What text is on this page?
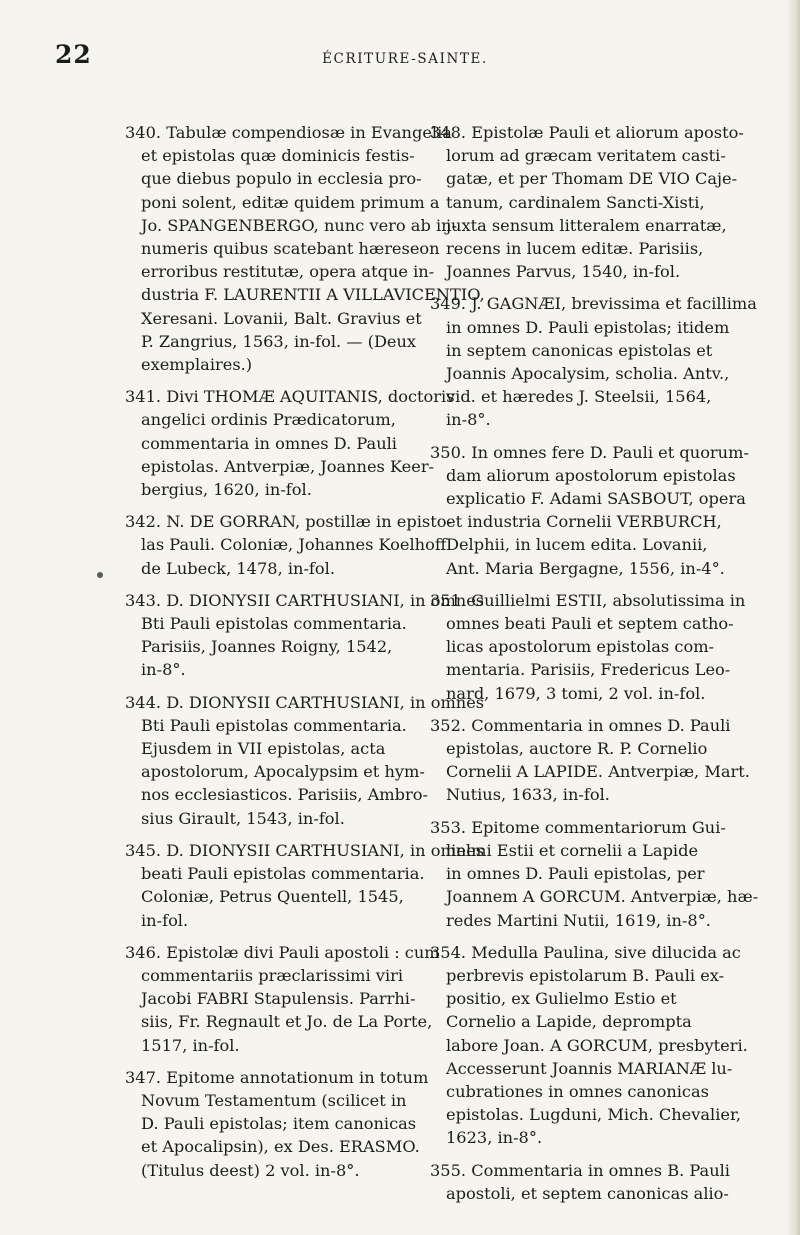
22	ÉCRITURE-SAINTE.
340. Tabulæ compendiosæ in Evangelia
et epistolas quæ dominicis festis-
que diebus populo in ecclesia pro-
poni solent, editæ quidem primum a
Jo. SPANGENBERGO, nunc vero ab in-
numeris quibus scatebant hæreseon
erroribus restitutæ, opera atque in-
dustria F. LAURENTII A VILLAVICENTIO,
Xeresani. Lovanii, Balt. Gravius et
P. Zangrius, 1563, in-fol. — (Deux
exemplaires.)
341. Divi THOMÆ AQUITANIS, doctoris
angelici ordinis Prædicatorum,
commentaria in omnes D. Pauli
epistolas. Antverpiæ, Joannes Keer-
bergius, 1620, in-fol.
342. N. DE GORRAN, postillæ in episto-
las Pauli. Coloniæ, Johannes Koelhoff
de Lubeck, 1478, in-fol.
343. D. DIONYSII CARTHUSIANI, in omnes
Bti Pauli epistolas commentaria.
Parisiis, Joannes Roigny, 1542,
in-8°.
344. D. DIONYSII CARTHUSIANI, in omnes
Bti Pauli epistolas commentaria.
Ejusdem in VII epistolas, acta
apostolorum, Apocalypsim et hym-
nos ecclesiasticos. Parisiis, Ambro-
sius Girault, 1543, in-fol.
345. D. DIONYSII CARTHUSIANI, in omnes
beati Pauli epistolas commentaria.
Coloniæ, Petrus Quentell, 1545,
in-fol.
346. Epistolæ divi Pauli apostoli : cum
commentariis præclarissimi viri
Jacobi FABRI Stapulensis. Parrhi-
siis, Fr. Regnault et Jo. de La Porte,
1517, in-fol.
347. Epitome annotationum in totum
Novum Testamentum (scilicet in
D. Pauli epistolas; item canonicas
et Apocalipsin), ex Des. ERASMO.
(Titulus deest) 2 vol. in-8°.
348. Epistolæ Pauli et aliorum aposto-
lorum ad græcam veritatem casti-
gatæ, et per Thomam DE VIO Caje-
tanum, cardinalem Sancti-Xisti,
juxta sensum litteralem enarratæ,
recens in lucem editæ. Parisiis,
Joannes Parvus, 1540, in-fol.
349. J. GAGNÆI, brevissima et facillima
in omnes D. Pauli epistolas; itidem
in septem canonicas epistolas et
Joannis Apocalysim, scholia. Antv.,
vid. et hæredes J. Steelsii, 1564,
in-8°.
350. In omnes fere D. Pauli et quorum-
dam aliorum apostolorum epistolas
explicatio F. Adami SASBOUT, opera
et industria Cornelii VERBURCH,
Delphii, in lucem edita. Lovanii,
Ant. Maria Bergagne, 1556, in-4°.
351. Guillielmi ESTII, absolutissima in
omnes beati Pauli et septem catho-
licas apostolorum epistolas com-
mentaria. Parisiis, Fredericus Leo-
nard, 1679, 3 tomi, 2 vol. in-fol.
352. Commentaria in omnes D. Pauli
epistolas, auctore R. P. Cornelio
Cornelii A LAPIDE. Antverpiæ, Mart.
Nutius, 1633, in-fol.
353. Epitome commentariorum Gui-
lielmi Estii et cornelii a Lapide
in omnes D. Pauli epistolas, per
Joannem A GORCUM. Antverpiæ, hæ-
redes Martini Nutii, 1619, in-8°.
354. Medulla Paulina, sive dilucida ac
perbrevis epistolarum B. Pauli ex-
positio, ex Gulielmo Estio et
Cornelio a Lapide, deprompta
labore Joan. A GORCUM, presbyteri.
Accesserunt Joannis MARIANÆ lu-
cubrationes in omnes canonicas
epistolas. Lugduni, Mich. Chevalier,
1623, in-8°.
355. Commentaria in omnes B. Pauli
apostoli, et septem canonicas alio-
